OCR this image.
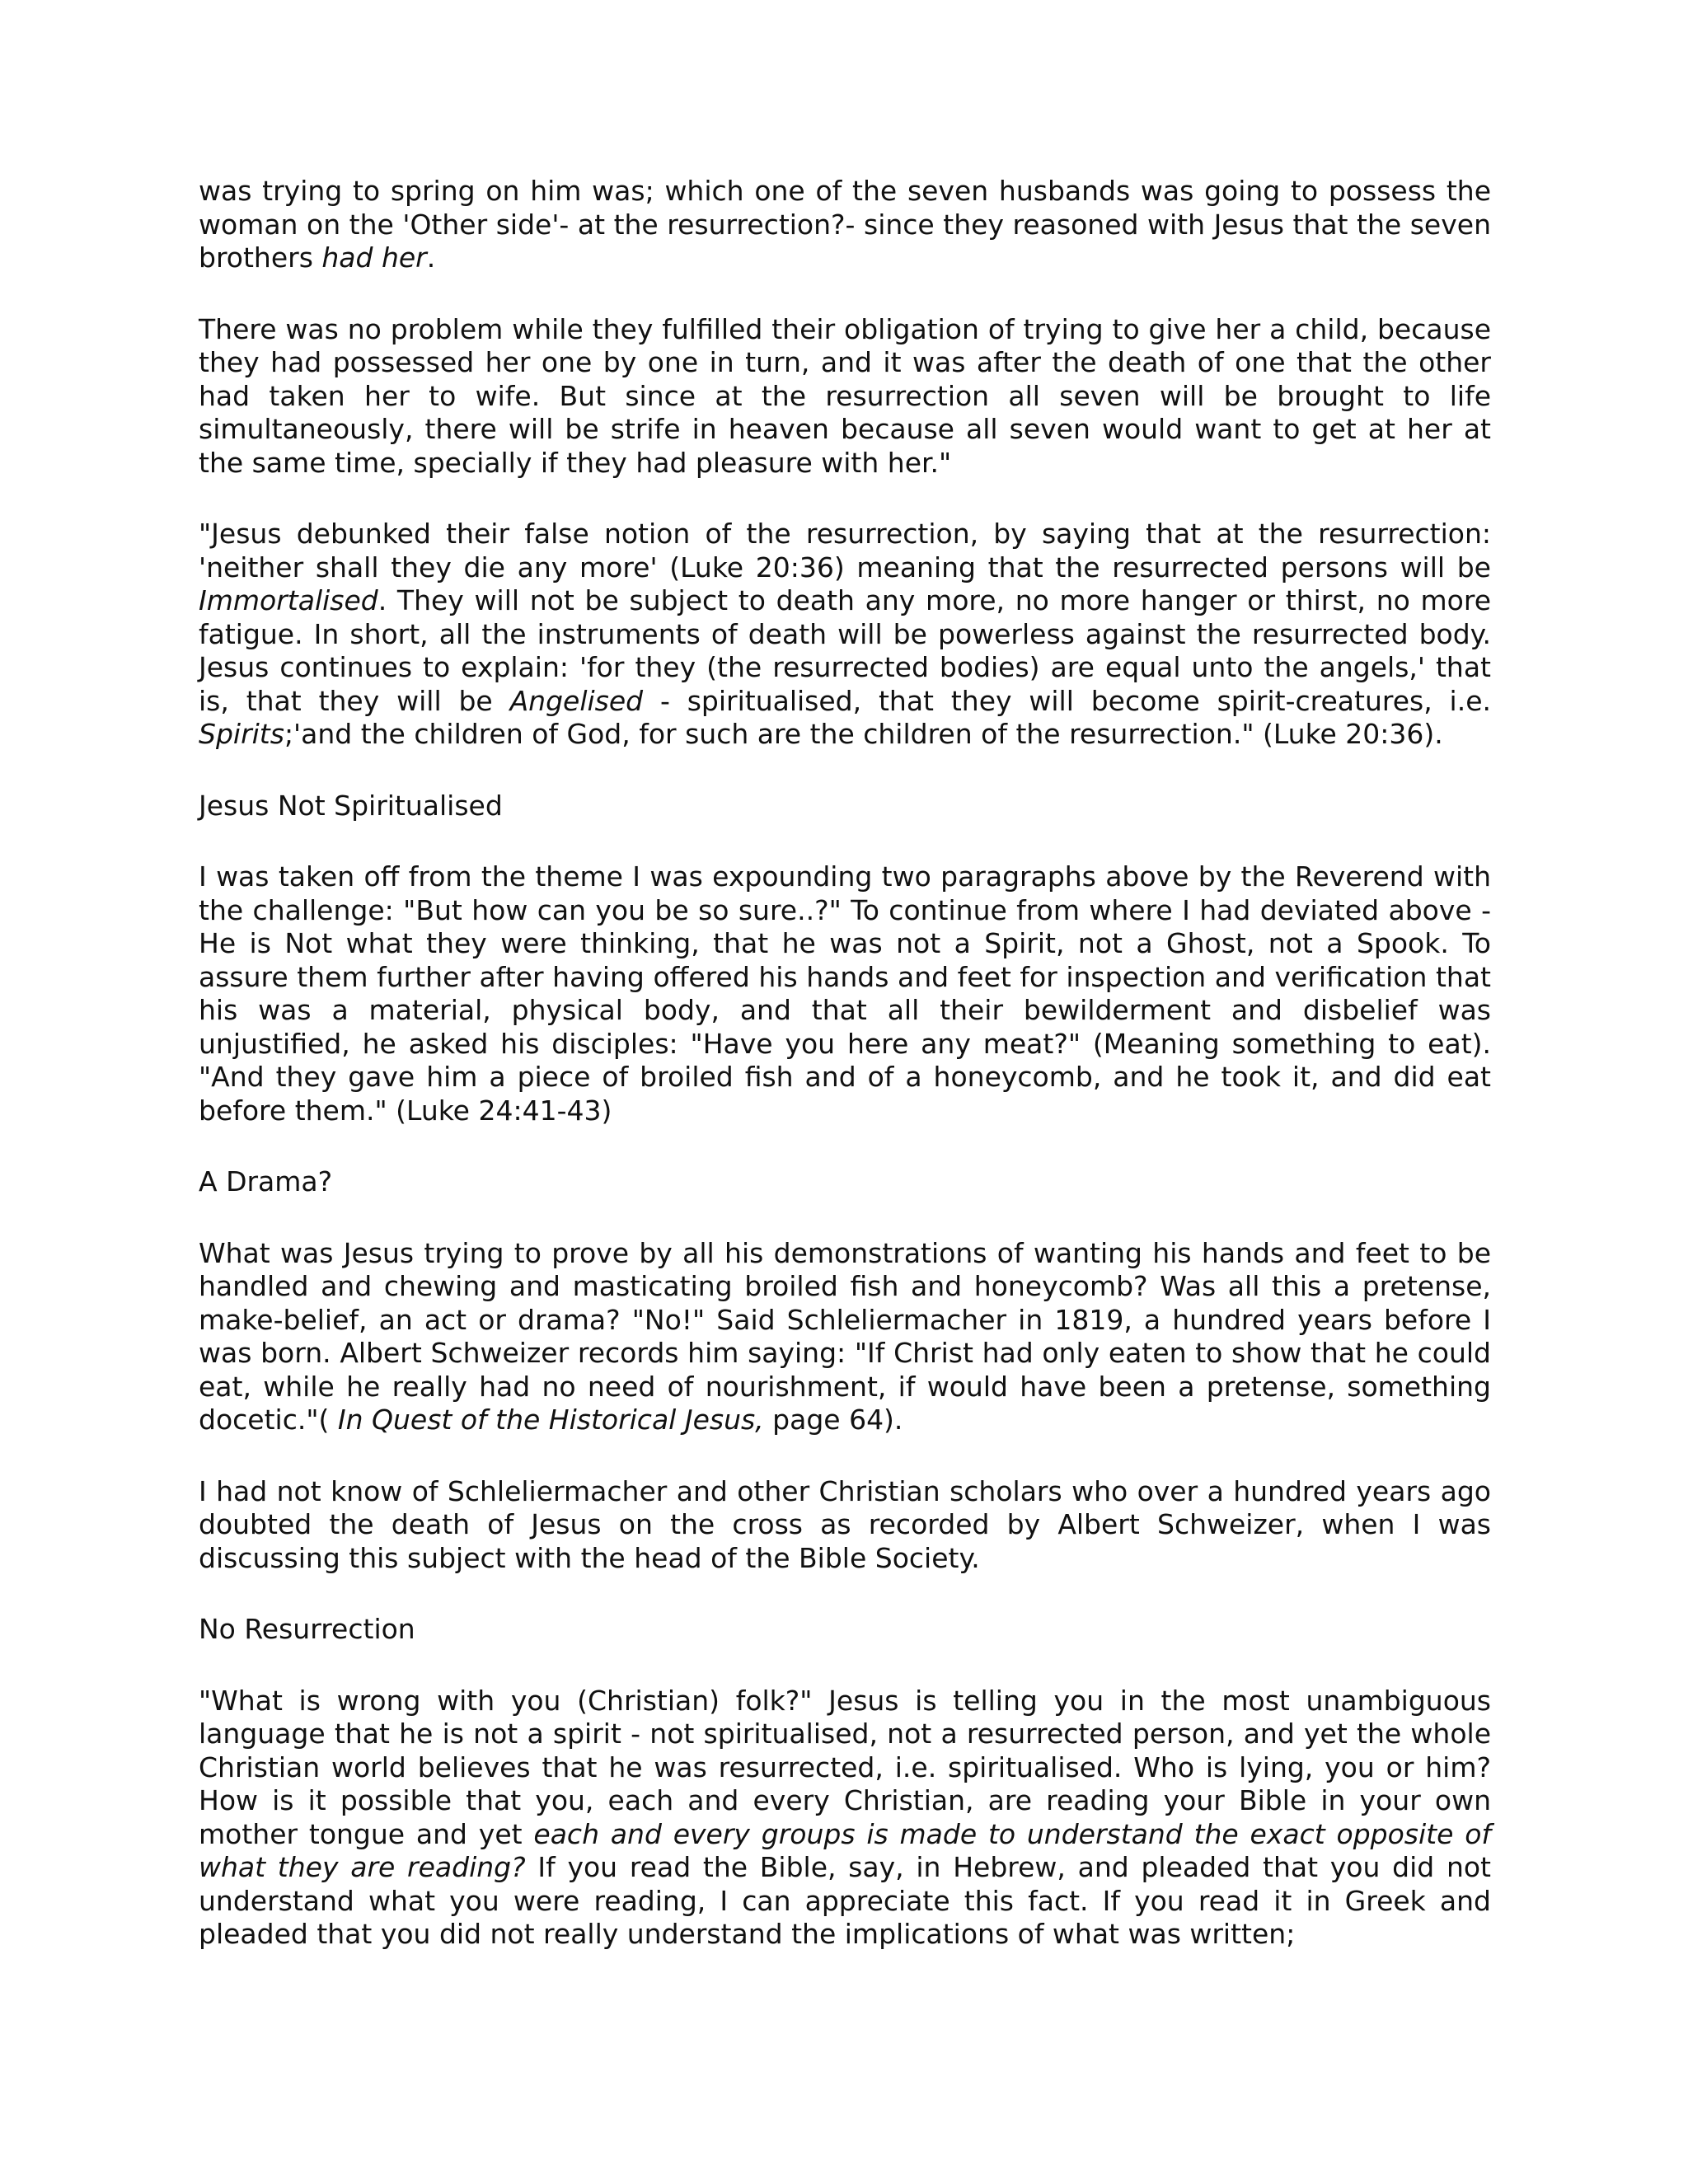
was trying to spring on him was; which one of the seven husbands was going to possess the woman on the 'Other side'- at the resurrection?- since they reasoned with Jesus that the seven brothers had her.

There was no problem while they fulfilled their obligation of trying to give her a child, because they had possessed her one by one in turn, and it was after the death of one that the other had taken her to wife. But since at the resurrection all seven will be brought to life simultaneously, there will be strife in heaven because all seven would want to get at her at the same time, specially if they had pleasure with her."

"Jesus debunked their false notion of the resurrection, by saying that at the resurrection: 'neither shall they die any more' (Luke 20:36) meaning that the resurrected persons will be Immortalised. They will not be subject to death any more, no more hanger or thirst, no more fatigue. In short, all the instruments of death will be powerless against the resurrected body. Jesus continues to explain: 'for they (the resurrected bodies) are equal unto the angels,' that is, that they will be Angelised - spiritualised, that they will become spirit-creatures, i.e. Spirits;'and the children of God, for such are the children of the resurrection." (Luke 20:36).

Jesus Not Spiritualised

I was taken off from the theme I was expounding two paragraphs above by the Reverend with the challenge: "But how can you be so sure..?" To continue from where I had deviated above - He is Not what they were thinking, that he was not a Spirit, not a Ghost, not a Spook. To assure them further after having offered his hands and feet for inspection and verification that his was a material, physical body, and that all their bewilderment and disbelief was unjustified, he asked his disciples: "Have you here any meat?" (Meaning something to eat). "And they gave him a piece of broiled fish and of a honeycomb, and he took it, and did eat before them." (Luke 24:41-43)

A Drama?

What was Jesus trying to prove by all his demonstrations of wanting his hands and feet to be handled and chewing and masticating broiled fish and honeycomb? Was all this a pretense, make-belief, an act or drama? "No!" Said Schleliermacher in 1819, a hundred years before I was born. Albert Schweizer records him saying: "If Christ had only eaten to show that he could eat, while he really had no need of nourishment, if would have been a pretense, something docetic."( In Quest of the Historical Jesus, page 64).

I had not know of Schleliermacher and other Christian scholars who over a hundred years ago doubted the death of Jesus on the cross as recorded by Albert Schweizer, when I was discussing this subject with the head of the Bible Society.

No Resurrection

"What is wrong with you (Christian) folk?" Jesus is telling you in the most unambiguous language that he is not a spirit - not spiritualised, not a resurrected person, and yet the whole Christian world believes that he was resurrected, i.e. spiritualised. Who is lying, you or him? How is it possible that you, each and every Christian, are reading your Bible in your own mother tongue and yet each and every groups is made to understand the exact opposite of what they are reading? If you read the Bible, say, in Hebrew, and pleaded that you did not understand what you were reading, I can appreciate this fact. If you read it in Greek and pleaded that you did not really understand the implications of what was written;
